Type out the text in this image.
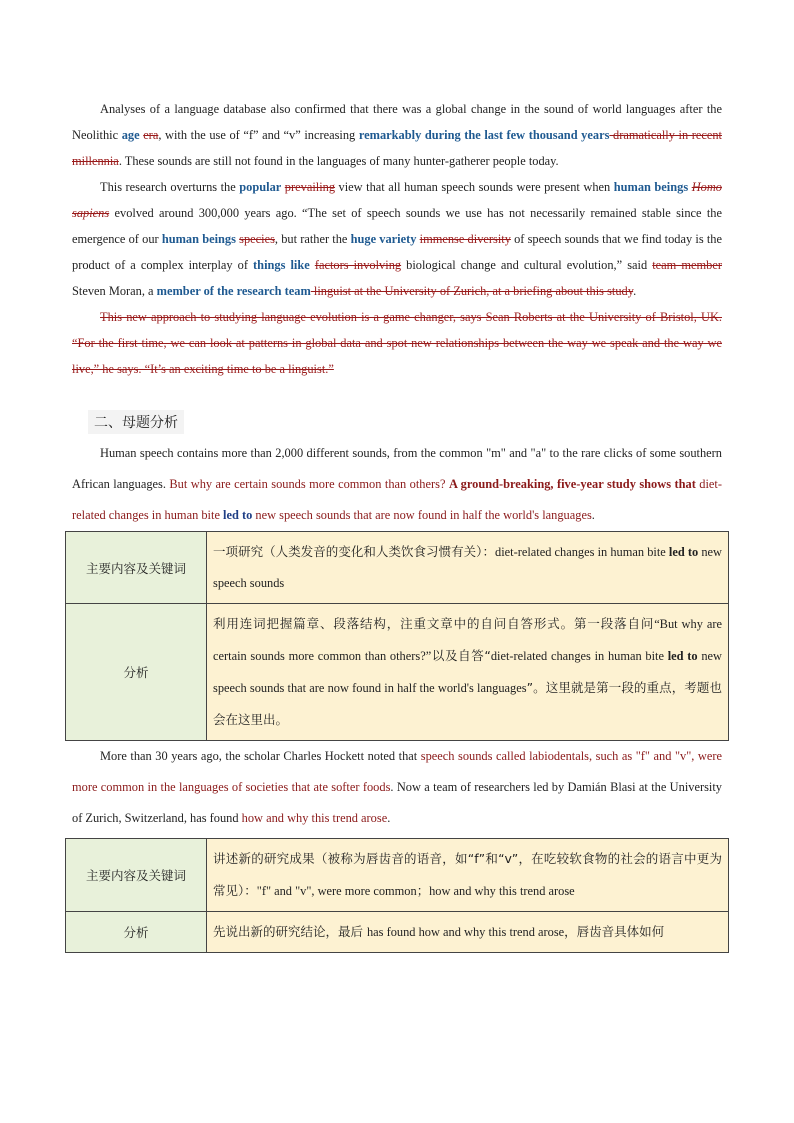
Analyses of a language database also confirmed that there was a global change in the sound of world languages after the Neolithic age era, with the use of “f” and “v” increasing remarkably during the last few thousand years dramatically in recent millennia. These sounds are still not found in the languages of many hunter-gatherer people today.

This research overturns the popular prevailing view that all human speech sounds were present when human beings Homo sapiens evolved around 300,000 years ago. “The set of speech sounds we use has not necessarily remained stable since the emergence of our human beings species, but rather the huge variety immense diversity of speech sounds that we find today is the product of a complex interplay of things like factors involving biological change and cultural evolution,” said team member Steven Moran, a member of the research team linguist at the University of Zurich, at a briefing about this study.

This new approach to studying language evolution is a game changer, says Sean Roberts at the University of Bristol, UK. “For the first time, we can look at patterns in global data and spot new relationships between the way we speak and the way we live,” he says. “It’s an exciting time to be a linguist.”

二、母题分析

Human speech contains more than 2,000 different sounds, from the common "m" and "a" to the rare clicks of some southern African languages. But why are certain sounds more common than others? A ground-breaking, five-year study shows that diet-related changes in human bite led to new speech sounds that are now found in half the world's languages.

主要内容及关键词	一项研究（人类发音的变化和人类饮食习惯有关）：diet-related changes in human bite led to new speech sounds
分析	利用连词把握篇章、段落结构，注重文章中的自问自答形式。第一段落自问“But why are certain sounds more common than others?”以及自答“diet-related changes in human bite led to new speech sounds that are now found in half the world's languages”。这里就是第一段的重点，考题也会在这里出。

More than 30 years ago, the scholar Charles Hockett noted that speech sounds called labiodentals, such as "f" and "v", were more common in the languages of societies that ate softer foods. Now a team of researchers led by Damián Blasi at the University of Zurich, Switzerland, has found how and why this trend arose.

主要内容及关键词	讲述新的研究成果（被称为唇齿音的语音，如“f”和“v”，在吃较软食物的社会的语言中更为常见）："f" and "v", were more common；how and why this trend arose
分析	先说出新的研究结论，最后 has found how and why this trend arose，唇齿音具体如何
